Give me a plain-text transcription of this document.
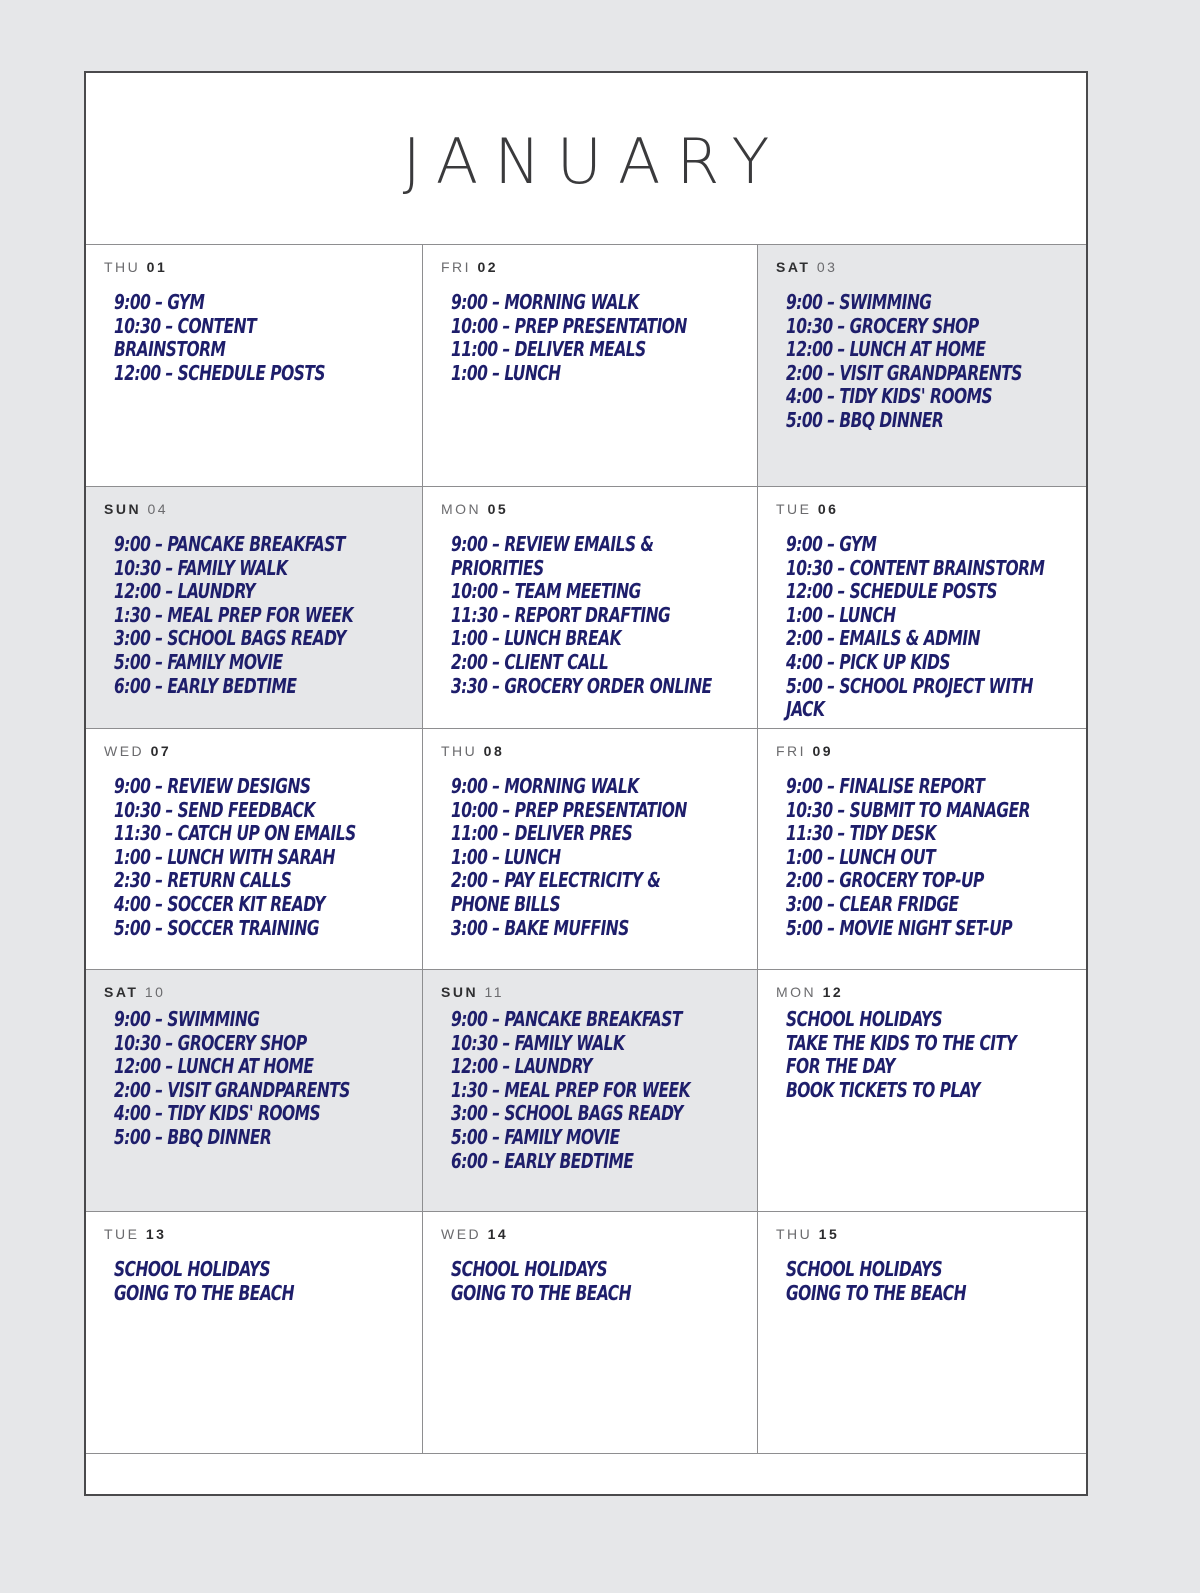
JANUARY
THU 01
9:00 – GYM
10:30 – CONTENT
BRAINSTORM
12:00 – SCHEDULE POSTS
FRI 02
9:00 – MORNING WALK
10:00 – PREP PRESENTATION
11:00 – DELIVER MEALS
1:00 – LUNCH
SAT 03
9:00 – SWIMMING
10:30 – GROCERY SHOP
12:00 – LUNCH AT HOME
2:00 – VISIT GRANDPARENTS
4:00 – TIDY KIDS' ROOMS
5:00 – BBQ DINNER
SUN 04
9:00 – PANCAKE BREAKFAST
10:30 – FAMILY WALK
12:00 – LAUNDRY
1:30 – MEAL PREP FOR WEEK
3:00 – SCHOOL BAGS READY
5:00 – FAMILY MOVIE
6:00 – EARLY BEDTIME
MON 05
9:00 – REVIEW EMAILS &
PRIORITIES
10:00 – TEAM MEETING
11:30 – REPORT DRAFTING
1:00 – LUNCH BREAK
2:00 – CLIENT CALL
3:30 – GROCERY ORDER ONLINE
TUE 06
9:00 – GYM
10:30 – CONTENT BRAINSTORM
12:00 – SCHEDULE POSTS
1:00 – LUNCH
2:00 – EMAILS & ADMIN
4:00 – PICK UP KIDS
5:00 – SCHOOL PROJECT WITH
JACK
WED 07
9:00 – REVIEW DESIGNS
10:30 – SEND FEEDBACK
11:30 – CATCH UP ON EMAILS
1:00 – LUNCH WITH SARAH
2:30 – RETURN CALLS
4:00 – SOCCER KIT READY
5:00 – SOCCER TRAINING
THU 08
9:00 – MORNING WALK
10:00 – PREP PRESENTATION
11:00 – DELIVER PRES
1:00 – LUNCH
2:00 – PAY ELECTRICITY &
PHONE BILLS
3:00 – BAKE MUFFINS
FRI 09
9:00 – FINALISE REPORT
10:30 – SUBMIT TO MANAGER
11:30 – TIDY DESK
1:00 – LUNCH OUT
2:00 – GROCERY TOP-UP
3:00 – CLEAR FRIDGE
5:00 – MOVIE NIGHT SET-UP
SAT 10
9:00 – SWIMMING
10:30 – GROCERY SHOP
12:00 – LUNCH AT HOME
2:00 – VISIT GRANDPARENTS
4:00 – TIDY KIDS' ROOMS
5:00 – BBQ DINNER
SUN 11
9:00 – PANCAKE BREAKFAST
10:30 – FAMILY WALK
12:00 – LAUNDRY
1:30 – MEAL PREP FOR WEEK
3:00 – SCHOOL BAGS READY
5:00 – FAMILY MOVIE
6:00 – EARLY BEDTIME
MON 12
SCHOOL HOLIDAYS
TAKE THE KIDS TO THE CITY
FOR THE DAY
BOOK TICKETS TO PLAY
TUE 13
SCHOOL HOLIDAYS
GOING TO THE BEACH
WED 14
SCHOOL HOLIDAYS
GOING TO THE BEACH
THU 15
SCHOOL HOLIDAYS
GOING TO THE BEACH
